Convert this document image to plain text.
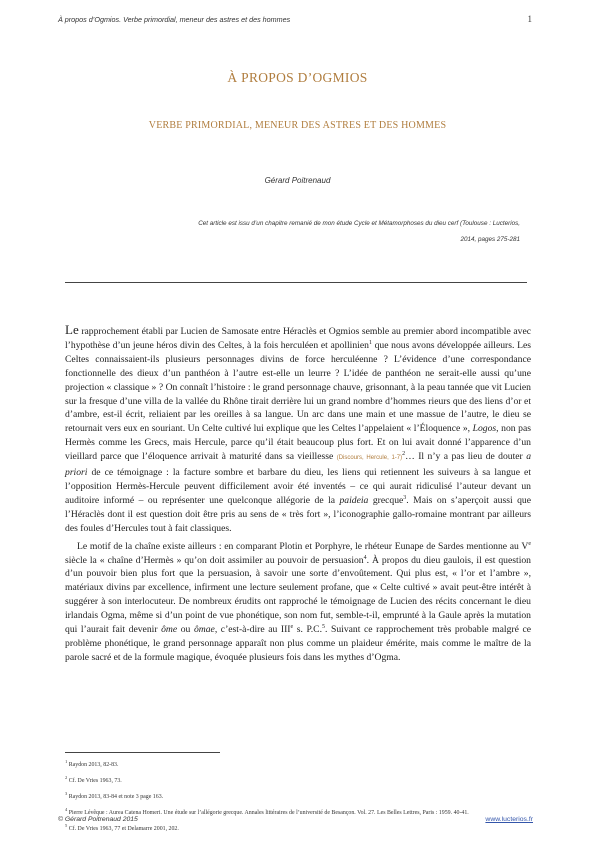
À propos d’Ogmios. Verbe primordial, meneur des astres et des hommes	1
À PROPOS D’OGMIOS
VERBE PRIMORDIAL, MENEUR DES ASTRES ET DES HOMMES
Gérard Poitrenaud
Cet article est issu d’un chapitre remanié de mon étude Cycle et Métamorphoses du dieu cerf (Toulouse : Lucterios,
2014, pages 275-281

Le rapprochement établi par Lucien de Samosate entre Héraclès et Ogmios semble au premier abord incompatible avec l’hypothèse d’un jeune héros divin des Celtes, à la fois herculéen et apollinien$^1$ que nous avons développée ailleurs. Les Celtes connaissaient-ils plusieurs personnages divins de force herculéenne ? L’évidence d’une correspondance fonctionnelle des dieux d’un panthéon à l’autre est-elle un leurre ? L’idée de panthéon ne serait-elle aussi qu’une projection « classique » ? On connaît l’histoire : le grand personnage chauve, grisonnant, à la peau tannée que vit Lucien sur la fresque d’une villa de la vallée du Rhône tirait derrière lui un grand nombre d’hommes rieurs que des liens d’or et d’ambre, est-il écrit, reliaient par les oreilles à sa langue. Un arc dans une main et une massue de l’autre, le dieu se retournait vers eux en souriant. Un Celte cultivé lui explique que les Celtes l’appelaient « l’Éloquence », Logos, non pas Hermès comme les Grecs, mais Hercule, parce qu’il était beaucoup plus fort. Et on lui avait donné l’apparence d’un vieillard parce que l’éloquence arrivait à maturité dans sa vieillesse (Discours, Hercule, 1-7)$^2$… Il n’y a pas lieu de douter a priori de ce témoignage : la facture sombre et barbare du dieu, les liens qui retiennent les suiveurs à sa langue et l’opposition Hermès-Hercule peuvent difficilement avoir été inventés – ce qui aurait ridiculisé l’auteur devant un auditoire informé – ou représenter une quelconque allégorie de la paideia grecque$^3$. Mais on s’aperçoit aussi que l’Héraclès dont il est question doit être pris au sens de « très fort », l’iconographie gallo-romaine montrant par ailleurs des foules d’Hercules tout à fait classiques.

Le motif de la chaîne existe ailleurs : en comparant Plotin et Porphyre, le rhéteur Eunape de Sardes mentionne au Ve siècle la « chaîne d’Hermès » qu’on doit assimiler au pouvoir de persuasion$^4$. À propos du dieu gaulois, il est question d’un pouvoir bien plus fort que la persuasion, à savoir une sorte d’envoûtement. Qui plus est, « l’or et l’ambre », matériaux divins par excellence, infirment une lecture seulement profane, que « Celte cultivé » avait peut-être intérêt à suggérer à son interlocuteur. De nombreux érudits ont rapproché le témoignage de Lucien des récits concernant le dieu irlandais Ogma, même si d’un point de vue phonétique, son nom fut, semble-t-il, emprunté à la Gaule après la mutation qui l’aurait fait devenir ôme ou ômae, c’est-à-dire au IIIe s. P.C.$^5$. Suivant ce rapprochement très probable malgré ce problème phonétique, le grand personnage apparaît non plus comme un plaideur émérite, mais comme le maître de la parole sacré et de la formule magique, évoquée plusieurs fois dans les mythes d’Ogma.

$^1$ Raydon 2013, 82-83.
$^2$ Cf. De Vries 1963, 73.
$^3$ Raydon 2013, 83-84 et note 3 page 163.
$^4$ Pierre Lévêque : Aurea Catena Homeri. Une étude sur l’allégorie grecque. Annales littéraires de l’université de Besançon. Vol. 27. Les Belles Lettres, Paris : 1959. 40-41.
$^5$ Cf. De Vries 1963, 77 et Delamarre 2001, 202.
© Gérard Poitrenaud 2015	www.lucterios.fr
